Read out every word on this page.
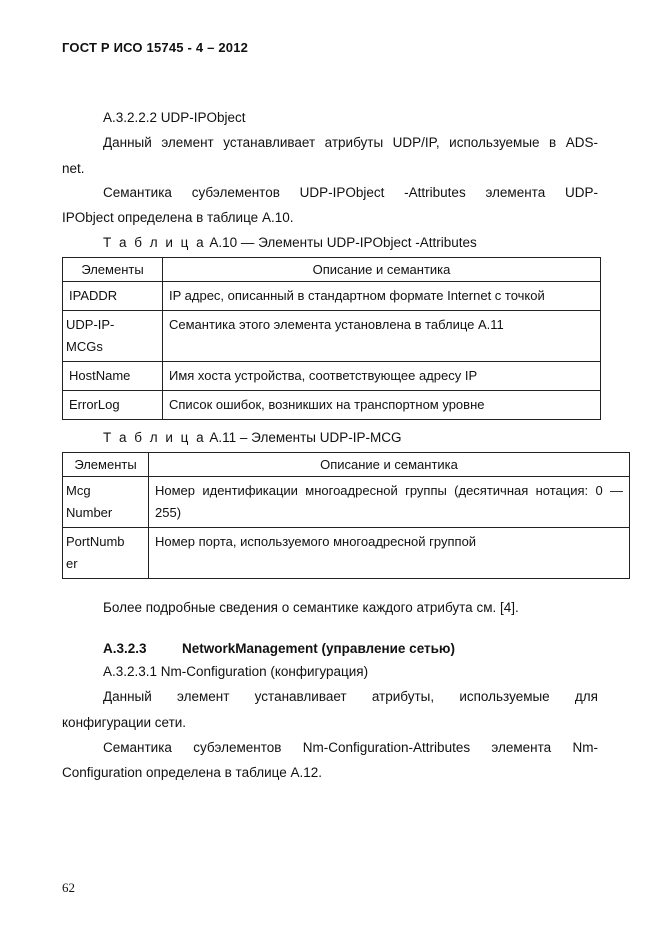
ГОСТ Р ИСО 15745 - 4 – 2012
А.3.2.2.2 UDP-IPObject
Данный элемент устанавливает атрибуты UDP/IP, используемые в ADS-
net.
Семантика субэлементов UDP-IPObject -Attributes элемента UDP-
IPObject определена в таблице А.10.
Т а б л и ц а А.10 — Элементы UDP-IPObject -Attributes
Элементы	Описание и семантика
IPADDR	IP адрес, описанный в стандартном формате Internet с точкой
UDP-IP-
MCGs	Семантика этого элемента установлена в таблице А.11
HostName	Имя хоста устройства, соответствующее адресу IP
ErrorLog	Список ошибок, возникших на транспортном уровне
Т а б л и ц а А.11 – Элементы UDP-IP-MCG
Элементы	Описание и семантика
Mcg
Number	Номер идентификации многоадресной группы (десятичная нотация: 0 — 255)
PortNumb
er	Номер порта, используемого многоадресной группой
Более подробные сведения о семантике каждого атрибута см. [4].
А.3.2.3	NetworkManagement (управление сетью)
А.3.2.3.1 Nm-Configuration (конфигурация)
Данный элемент устанавливает атрибуты, используемые для
конфигурации сети.
Семантика субэлементов Nm-Configuration-Attributes элемента Nm-
Configuration определена в таблице А.12.
62
